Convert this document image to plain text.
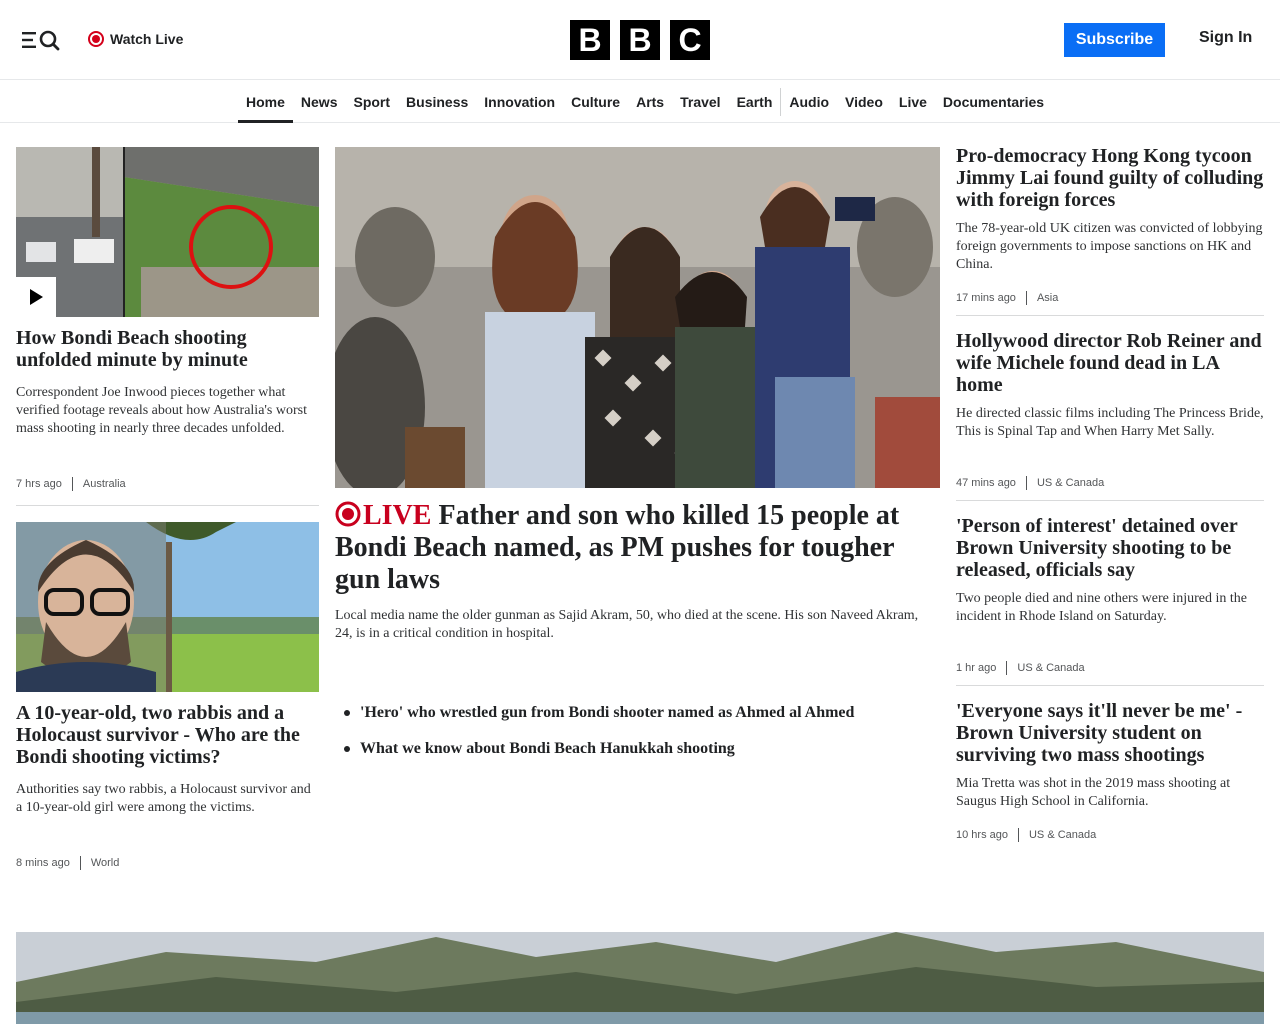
Watch Live	B B C	Subscribe	Sign In
Home	News	Sport	Business	Innovation	Culture	Arts	Travel	Earth	Audio	Video	Live	Documentaries
How Bondi Beach shooting unfolded minute by minute
Correspondent Joe Inwood pieces together what verified footage reveals about how Australia's worst mass shooting in nearly three decades unfolded.
7 hrs ago Australia
A 10-year-old, two rabbis and a Holocaust survivor - Who are the Bondi shooting victims?
Authorities say two rabbis, a Holocaust survivor and a 10-year-old girl were among the victims.
8 mins ago World
LIVE Father and son who killed 15 people at Bondi Beach named, as PM pushes for tougher gun laws
Local media name the older gunman as Sajid Akram, 50, who died at the scene. His son Naveed Akram, 24, is in a critical condition in hospital.
'Hero' who wrestled gun from Bondi shooter named as Ahmed al Ahmed
What we know about Bondi Beach Hanukkah shooting
Pro-democracy Hong Kong tycoon Jimmy Lai found guilty of colluding with foreign forces
The 78-year-old UK citizen was convicted of lobbying foreign governments to impose sanctions on HK and China.
17 mins ago Asia
Hollywood director Rob Reiner and wife Michele found dead in LA home
He directed classic films including The Princess Bride, This is Spinal Tap and When Harry Met Sally.
47 mins ago US & Canada
'Person of interest' detained over Brown University shooting to be released, officials say
Two people died and nine others were injured in the incident in Rhode Island on Saturday.
1 hr ago US & Canada
'Everyone says it'll never be me' - Brown University student on surviving two mass shootings
Mia Tretta was shot in the 2019 mass shooting at Saugus High School in California.
10 hrs ago US & Canada
